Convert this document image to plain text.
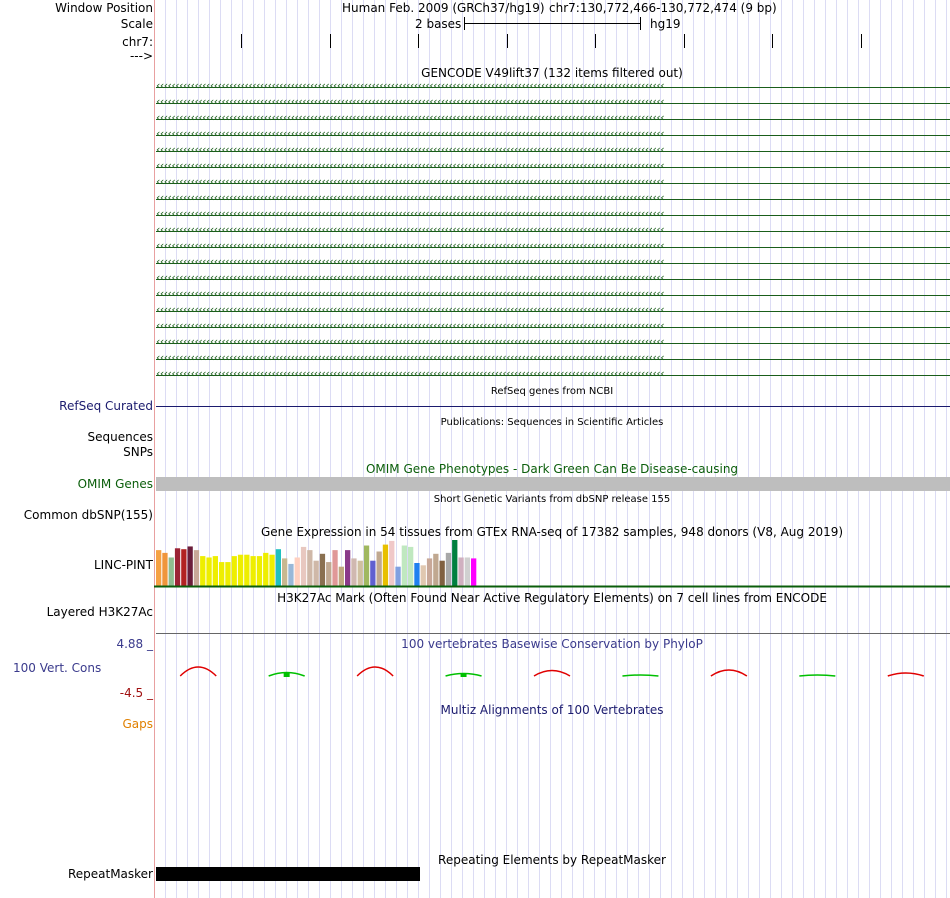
Window Position	Human Feb. 2009 (GRCh37/hg19) chr7:130,772,466-130,772,474 (9 bp)
Scale	2 bases	hg19
chr7:
--->
GENCODE V49lift37 (132 items filtered out)
‹‹‹‹‹‹‹‹‹‹‹‹‹‹‹‹‹‹‹‹‹‹‹‹‹‹‹‹‹‹‹‹‹‹‹‹‹‹‹‹‹‹‹‹‹‹‹‹‹‹‹‹‹‹‹‹‹‹‹‹‹‹‹‹‹‹‹‹‹‹‹‹‹‹‹‹‹‹‹‹‹‹‹‹‹‹‹‹‹‹‹‹‹‹‹‹‹‹‹‹‹‹‹‹‹‹‹‹‹‹‹‹‹‹‹‹‹‹‹‹‹‹‹‹‹‹‹‹‹‹‹‹
‹‹‹‹‹‹‹‹‹‹‹‹‹‹‹‹‹‹‹‹‹‹‹‹‹‹‹‹‹‹‹‹‹‹‹‹‹‹‹‹‹‹‹‹‹‹‹‹‹‹‹‹‹‹‹‹‹‹‹‹‹‹‹‹‹‹‹‹‹‹‹‹‹‹‹‹‹‹‹‹‹‹‹‹‹‹‹‹‹‹‹‹‹‹‹‹‹‹‹‹‹‹‹‹‹‹‹‹‹‹‹‹‹‹‹‹‹‹‹‹‹‹‹‹‹‹‹‹‹‹‹‹
‹‹‹‹‹‹‹‹‹‹‹‹‹‹‹‹‹‹‹‹‹‹‹‹‹‹‹‹‹‹‹‹‹‹‹‹‹‹‹‹‹‹‹‹‹‹‹‹‹‹‹‹‹‹‹‹‹‹‹‹‹‹‹‹‹‹‹‹‹‹‹‹‹‹‹‹‹‹‹‹‹‹‹‹‹‹‹‹‹‹‹‹‹‹‹‹‹‹‹‹‹‹‹‹‹‹‹‹‹‹‹‹‹‹‹‹‹‹‹‹‹‹‹‹‹‹‹‹‹‹‹‹
‹‹‹‹‹‹‹‹‹‹‹‹‹‹‹‹‹‹‹‹‹‹‹‹‹‹‹‹‹‹‹‹‹‹‹‹‹‹‹‹‹‹‹‹‹‹‹‹‹‹‹‹‹‹‹‹‹‹‹‹‹‹‹‹‹‹‹‹‹‹‹‹‹‹‹‹‹‹‹‹‹‹‹‹‹‹‹‹‹‹‹‹‹‹‹‹‹‹‹‹‹‹‹‹‹‹‹‹‹‹‹‹‹‹‹‹‹‹‹‹‹‹‹‹‹‹‹‹‹‹‹‹
‹‹‹‹‹‹‹‹‹‹‹‹‹‹‹‹‹‹‹‹‹‹‹‹‹‹‹‹‹‹‹‹‹‹‹‹‹‹‹‹‹‹‹‹‹‹‹‹‹‹‹‹‹‹‹‹‹‹‹‹‹‹‹‹‹‹‹‹‹‹‹‹‹‹‹‹‹‹‹‹‹‹‹‹‹‹‹‹‹‹‹‹‹‹‹‹‹‹‹‹‹‹‹‹‹‹‹‹‹‹‹‹‹‹‹‹‹‹‹‹‹‹‹‹‹‹‹‹‹‹‹‹
‹‹‹‹‹‹‹‹‹‹‹‹‹‹‹‹‹‹‹‹‹‹‹‹‹‹‹‹‹‹‹‹‹‹‹‹‹‹‹‹‹‹‹‹‹‹‹‹‹‹‹‹‹‹‹‹‹‹‹‹‹‹‹‹‹‹‹‹‹‹‹‹‹‹‹‹‹‹‹‹‹‹‹‹‹‹‹‹‹‹‹‹‹‹‹‹‹‹‹‹‹‹‹‹‹‹‹‹‹‹‹‹‹‹‹‹‹‹‹‹‹‹‹‹‹‹‹‹‹‹‹‹
‹‹‹‹‹‹‹‹‹‹‹‹‹‹‹‹‹‹‹‹‹‹‹‹‹‹‹‹‹‹‹‹‹‹‹‹‹‹‹‹‹‹‹‹‹‹‹‹‹‹‹‹‹‹‹‹‹‹‹‹‹‹‹‹‹‹‹‹‹‹‹‹‹‹‹‹‹‹‹‹‹‹‹‹‹‹‹‹‹‹‹‹‹‹‹‹‹‹‹‹‹‹‹‹‹‹‹‹‹‹‹‹‹‹‹‹‹‹‹‹‹‹‹‹‹‹‹‹‹‹‹‹
‹‹‹‹‹‹‹‹‹‹‹‹‹‹‹‹‹‹‹‹‹‹‹‹‹‹‹‹‹‹‹‹‹‹‹‹‹‹‹‹‹‹‹‹‹‹‹‹‹‹‹‹‹‹‹‹‹‹‹‹‹‹‹‹‹‹‹‹‹‹‹‹‹‹‹‹‹‹‹‹‹‹‹‹‹‹‹‹‹‹‹‹‹‹‹‹‹‹‹‹‹‹‹‹‹‹‹‹‹‹‹‹‹‹‹‹‹‹‹‹‹‹‹‹‹‹‹‹‹‹‹‹
‹‹‹‹‹‹‹‹‹‹‹‹‹‹‹‹‹‹‹‹‹‹‹‹‹‹‹‹‹‹‹‹‹‹‹‹‹‹‹‹‹‹‹‹‹‹‹‹‹‹‹‹‹‹‹‹‹‹‹‹‹‹‹‹‹‹‹‹‹‹‹‹‹‹‹‹‹‹‹‹‹‹‹‹‹‹‹‹‹‹‹‹‹‹‹‹‹‹‹‹‹‹‹‹‹‹‹‹‹‹‹‹‹‹‹‹‹‹‹‹‹‹‹‹‹‹‹‹‹‹‹‹
‹‹‹‹‹‹‹‹‹‹‹‹‹‹‹‹‹‹‹‹‹‹‹‹‹‹‹‹‹‹‹‹‹‹‹‹‹‹‹‹‹‹‹‹‹‹‹‹‹‹‹‹‹‹‹‹‹‹‹‹‹‹‹‹‹‹‹‹‹‹‹‹‹‹‹‹‹‹‹‹‹‹‹‹‹‹‹‹‹‹‹‹‹‹‹‹‹‹‹‹‹‹‹‹‹‹‹‹‹‹‹‹‹‹‹‹‹‹‹‹‹‹‹‹‹‹‹‹‹‹‹‹
‹‹‹‹‹‹‹‹‹‹‹‹‹‹‹‹‹‹‹‹‹‹‹‹‹‹‹‹‹‹‹‹‹‹‹‹‹‹‹‹‹‹‹‹‹‹‹‹‹‹‹‹‹‹‹‹‹‹‹‹‹‹‹‹‹‹‹‹‹‹‹‹‹‹‹‹‹‹‹‹‹‹‹‹‹‹‹‹‹‹‹‹‹‹‹‹‹‹‹‹‹‹‹‹‹‹‹‹‹‹‹‹‹‹‹‹‹‹‹‹‹‹‹‹‹‹‹‹‹‹‹‹
‹‹‹‹‹‹‹‹‹‹‹‹‹‹‹‹‹‹‹‹‹‹‹‹‹‹‹‹‹‹‹‹‹‹‹‹‹‹‹‹‹‹‹‹‹‹‹‹‹‹‹‹‹‹‹‹‹‹‹‹‹‹‹‹‹‹‹‹‹‹‹‹‹‹‹‹‹‹‹‹‹‹‹‹‹‹‹‹‹‹‹‹‹‹‹‹‹‹‹‹‹‹‹‹‹‹‹‹‹‹‹‹‹‹‹‹‹‹‹‹‹‹‹‹‹‹‹‹‹‹‹‹
‹‹‹‹‹‹‹‹‹‹‹‹‹‹‹‹‹‹‹‹‹‹‹‹‹‹‹‹‹‹‹‹‹‹‹‹‹‹‹‹‹‹‹‹‹‹‹‹‹‹‹‹‹‹‹‹‹‹‹‹‹‹‹‹‹‹‹‹‹‹‹‹‹‹‹‹‹‹‹‹‹‹‹‹‹‹‹‹‹‹‹‹‹‹‹‹‹‹‹‹‹‹‹‹‹‹‹‹‹‹‹‹‹‹‹‹‹‹‹‹‹‹‹‹‹‹‹‹‹‹‹‹
‹‹‹‹‹‹‹‹‹‹‹‹‹‹‹‹‹‹‹‹‹‹‹‹‹‹‹‹‹‹‹‹‹‹‹‹‹‹‹‹‹‹‹‹‹‹‹‹‹‹‹‹‹‹‹‹‹‹‹‹‹‹‹‹‹‹‹‹‹‹‹‹‹‹‹‹‹‹‹‹‹‹‹‹‹‹‹‹‹‹‹‹‹‹‹‹‹‹‹‹‹‹‹‹‹‹‹‹‹‹‹‹‹‹‹‹‹‹‹‹‹‹‹‹‹‹‹‹‹‹‹‹
‹‹‹‹‹‹‹‹‹‹‹‹‹‹‹‹‹‹‹‹‹‹‹‹‹‹‹‹‹‹‹‹‹‹‹‹‹‹‹‹‹‹‹‹‹‹‹‹‹‹‹‹‹‹‹‹‹‹‹‹‹‹‹‹‹‹‹‹‹‹‹‹‹‹‹‹‹‹‹‹‹‹‹‹‹‹‹‹‹‹‹‹‹‹‹‹‹‹‹‹‹‹‹‹‹‹‹‹‹‹‹‹‹‹‹‹‹‹‹‹‹‹‹‹‹‹‹‹‹‹‹‹
‹‹‹‹‹‹‹‹‹‹‹‹‹‹‹‹‹‹‹‹‹‹‹‹‹‹‹‹‹‹‹‹‹‹‹‹‹‹‹‹‹‹‹‹‹‹‹‹‹‹‹‹‹‹‹‹‹‹‹‹‹‹‹‹‹‹‹‹‹‹‹‹‹‹‹‹‹‹‹‹‹‹‹‹‹‹‹‹‹‹‹‹‹‹‹‹‹‹‹‹‹‹‹‹‹‹‹‹‹‹‹‹‹‹‹‹‹‹‹‹‹‹‹‹‹‹‹‹‹‹‹‹
‹‹‹‹‹‹‹‹‹‹‹‹‹‹‹‹‹‹‹‹‹‹‹‹‹‹‹‹‹‹‹‹‹‹‹‹‹‹‹‹‹‹‹‹‹‹‹‹‹‹‹‹‹‹‹‹‹‹‹‹‹‹‹‹‹‹‹‹‹‹‹‹‹‹‹‹‹‹‹‹‹‹‹‹‹‹‹‹‹‹‹‹‹‹‹‹‹‹‹‹‹‹‹‹‹‹‹‹‹‹‹‹‹‹‹‹‹‹‹‹‹‹‹‹‹‹‹‹‹‹‹‹
‹‹‹‹‹‹‹‹‹‹‹‹‹‹‹‹‹‹‹‹‹‹‹‹‹‹‹‹‹‹‹‹‹‹‹‹‹‹‹‹‹‹‹‹‹‹‹‹‹‹‹‹‹‹‹‹‹‹‹‹‹‹‹‹‹‹‹‹‹‹‹‹‹‹‹‹‹‹‹‹‹‹‹‹‹‹‹‹‹‹‹‹‹‹‹‹‹‹‹‹‹‹‹‹‹‹‹‹‹‹‹‹‹‹‹‹‹‹‹‹‹‹‹‹‹‹‹‹‹‹‹‹
‹‹‹‹‹‹‹‹‹‹‹‹‹‹‹‹‹‹‹‹‹‹‹‹‹‹‹‹‹‹‹‹‹‹‹‹‹‹‹‹‹‹‹‹‹‹‹‹‹‹‹‹‹‹‹‹‹‹‹‹‹‹‹‹‹‹‹‹‹‹‹‹‹‹‹‹‹‹‹‹‹‹‹‹‹‹‹‹‹‹‹‹‹‹‹‹‹‹‹‹‹‹‹‹‹‹‹‹‹‹‹‹‹‹‹‹‹‹‹‹‹‹‹‹‹‹‹‹‹‹‹‹
RefSeq genes from NCBI
RefSeq Curated
Publications: Sequences in Scientific Articles
Sequences
SNPs
OMIM Gene Phenotypes - Dark Green Can Be Disease-causing
OMIM Genes
Short Genetic Variants from dbSNP release 155
Common dbSNP(155)
Gene Expression in 54 tissues from GTEx RNA-seq of 17382 samples, 948 donors (V8, Aug 2019)
LINC-PINT
H3K27Ac Mark (Often Found Near Active Regulatory Elements) on 7 cell lines from ENCODE
Layered H3K27Ac
100 vertebrates Basewise Conservation by PhyloP
4.88 _
100 Vert. Cons
-4.5 _
Multiz Alignments of 100 Vertebrates
Gaps
Repeating Elements by RepeatMasker
RepeatMasker
